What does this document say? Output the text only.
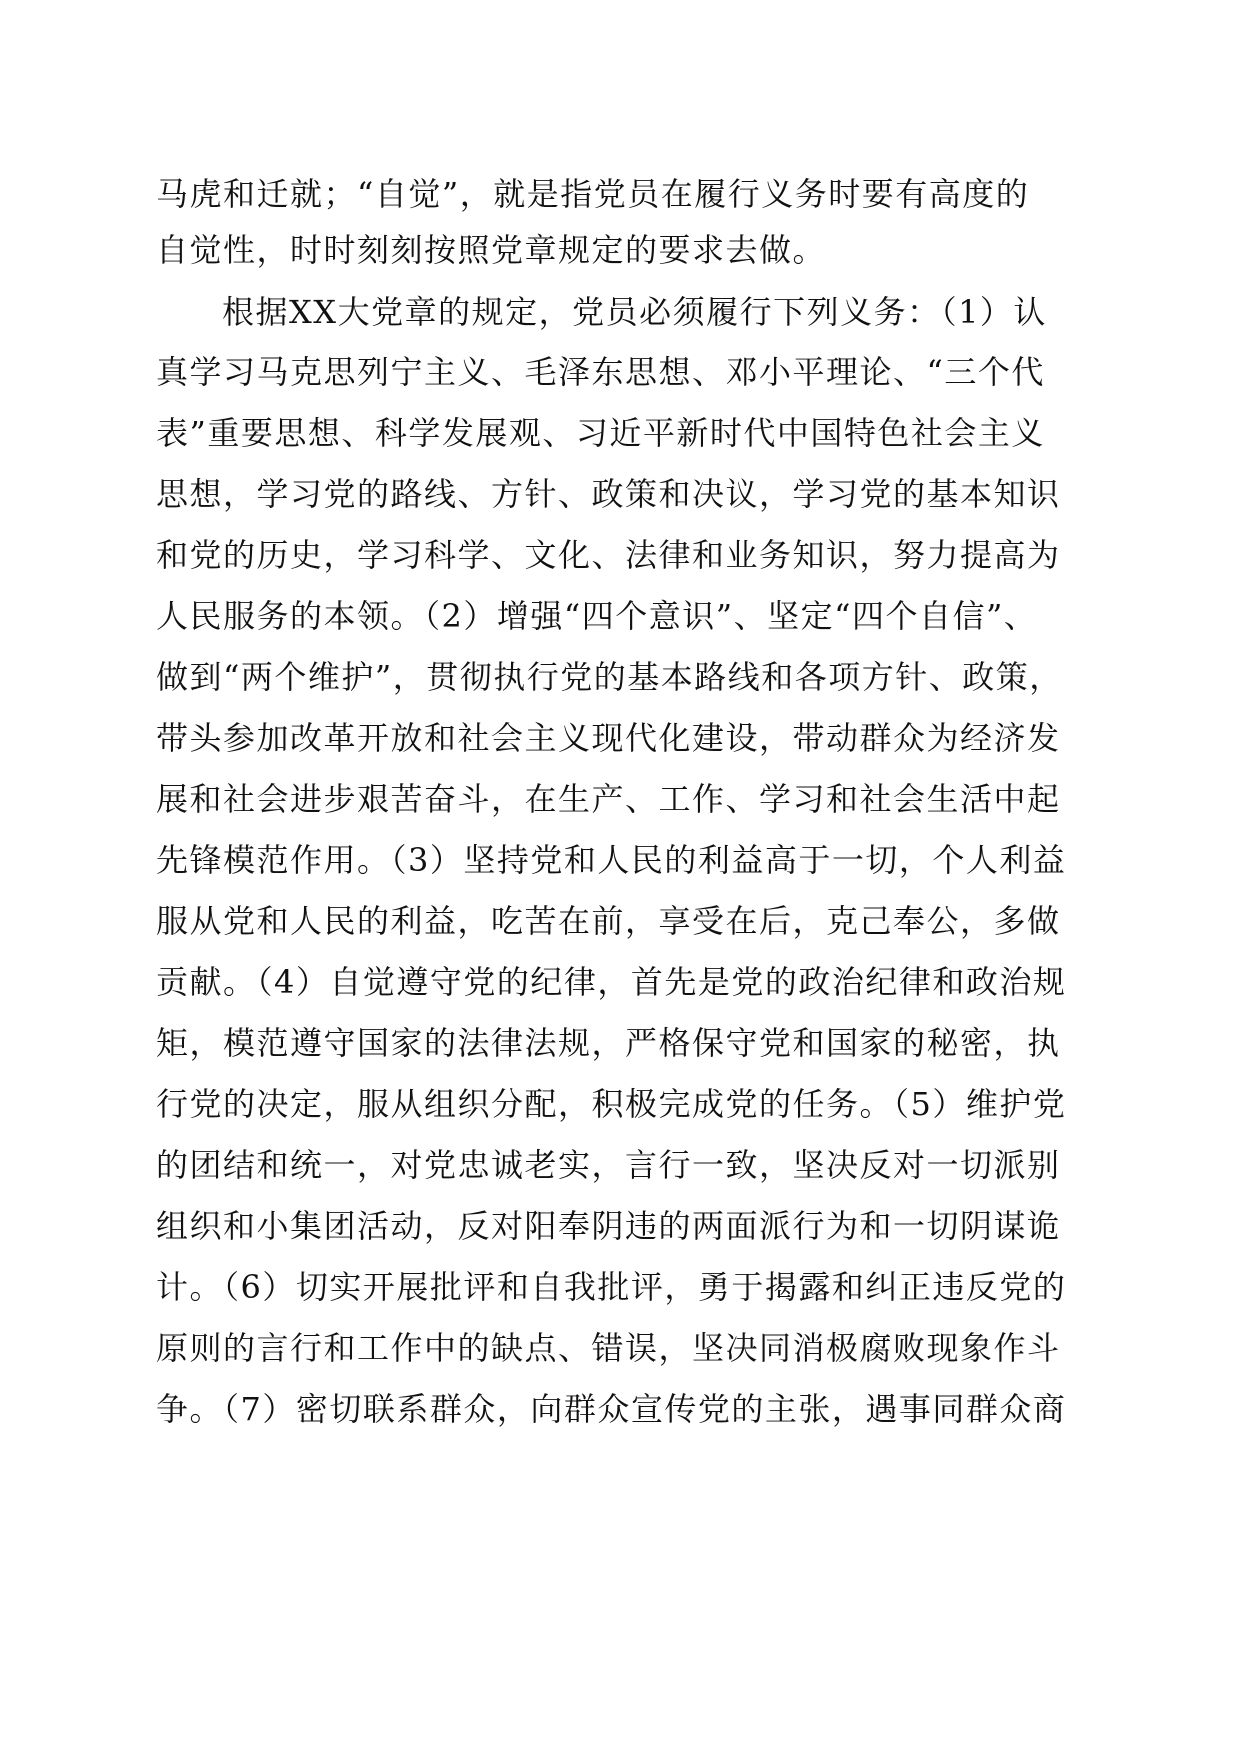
马虎和迁就；“自觉”，就是指党员在履行义务时要有高度的
自觉性，时时刻刻按照党章规定的要求去做。
根据XX大党章的规定，党员必须履行下列义务：（1）认
真学习马克思列宁主义、毛泽东思想、邓小平理论、“三个代
表”重要思想、科学发展观、习近平新时代中国特色社会主义
思想，学习党的路线、方针、政策和决议，学习党的基本知识
和党的历史，学习科学、文化、法律和业务知识，努力提高为
人民服务的本领。（2）增强“四个意识”、坚定“四个自信”、
做到“两个维护”，贯彻执行党的基本路线和各项方针、政策，
带头参加改革开放和社会主义现代化建设，带动群众为经济发
展和社会进步艰苦奋斗，在生产、工作、学习和社会生活中起
先锋模范作用。（3）坚持党和人民的利益高于一切，个人利益
服从党和人民的利益，吃苦在前，享受在后，克己奉公，多做
贡献。（4）自觉遵守党的纪律，首先是党的政治纪律和政治规
矩，模范遵守国家的法律法规，严格保守党和国家的秘密，执
行党的决定，服从组织分配，积极完成党的任务。（5）维护党
的团结和统一，对党忠诚老实，言行一致，坚决反对一切派别
组织和小集团活动，反对阳奉阴违的两面派行为和一切阴谋诡
计。（6）切实开展批评和自我批评，勇于揭露和纠正违反党的
原则的言行和工作中的缺点、错误，坚决同消极腐败现象作斗
争。（7）密切联系群众，向群众宣传党的主张，遇事同群众商
